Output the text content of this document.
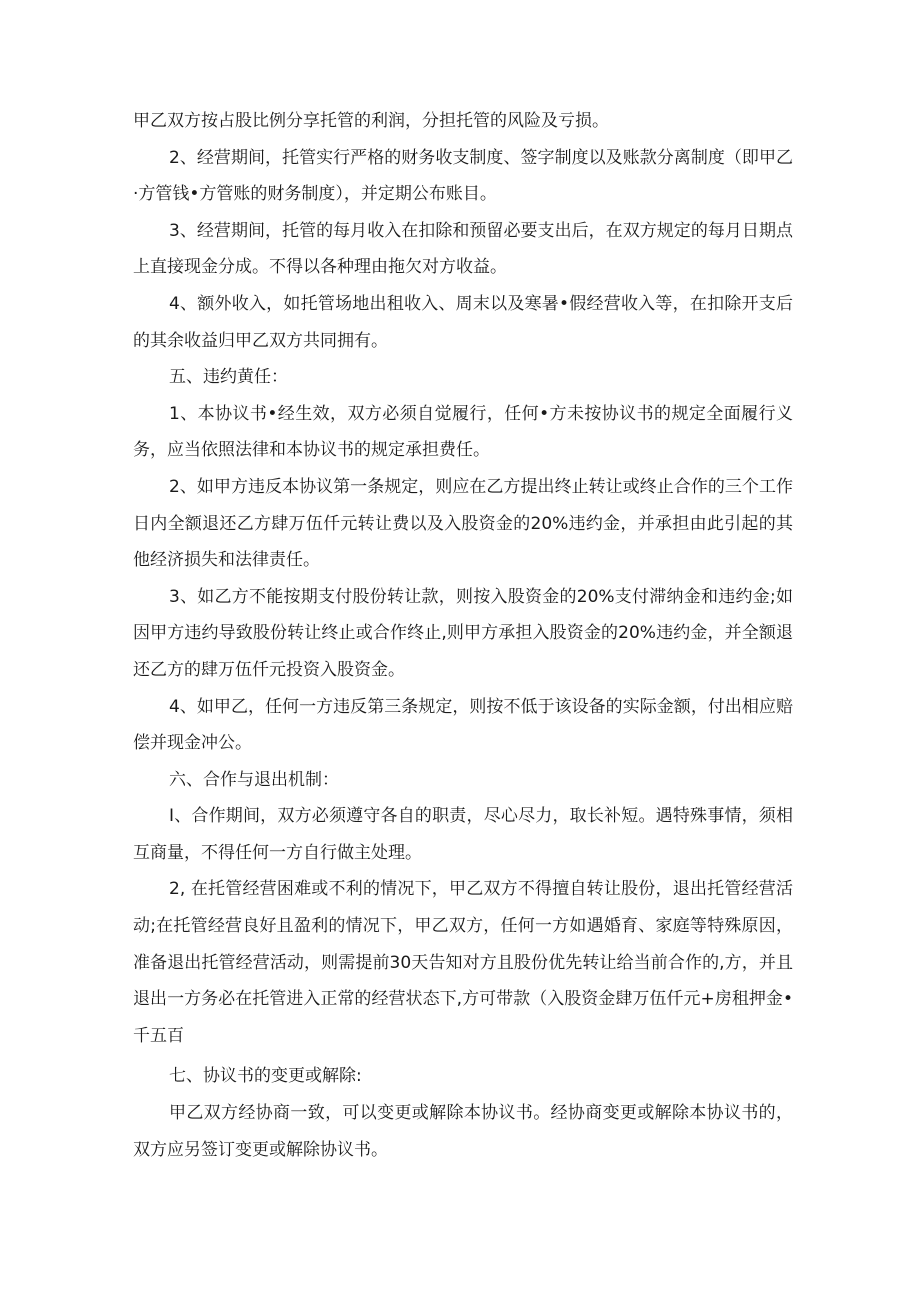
甲乙双方按占股比例分享托管的利润，分担托管的风险及亏损。

2、经营期间，托管实行严格的财务收支制度、签字制度以及账款分离制度（即甲乙·方管钱•方管账的财务制度），并定期公布账目。

3、经营期间，托管的每月收入在扣除和预留必要支出后，在双方规定的每月日期点上直接现金分成。不得以各种理由拖欠对方收益。

4、额外收入，如托管场地出租收入、周末以及寒暑•假经营收入等，在扣除开支后的其余收益归甲乙双方共同拥有。

五、违约黄任：

1、本协议书•经生效，双方必须自觉履行，任何•方未按协议书的规定全面履行义务，应当依照法律和本协议书的规定承担费任。

2、如甲方违反本协议第一条规定，则应在乙方提出终止转让或终止合作的三个工作日内全额退还乙方肆万伍仟元转让费以及入股资金的20%违约金，并承担由此引起的其他经济损失和法律责任。

3、如乙方不能按期支付股份转让款，则按入股资金的20%支付滞纳金和违约金;如因甲方违约导致股份转让终止或合作终止,则甲方承担入股资金的20%违约金，并全额退还乙方的肆万伍仟元投资入股资金。

4、如甲乙，任何一方违反第三条规定，则按不低于该设备的实际金额，付出相应赔偿并现金冲公。

六、合作与退出机制：

I、合作期间，双方必须遵守各自的职责，尽心尽力，取长补短。遇特殊事情，须相互商量，不得任何一方自行做主处理。

2, 在托管经营困难或不利的情况下，甲乙双方不得擅自转让股份，退出托管经营活动;在托管经营良好且盈利的情况下，甲乙双方，任何一方如遇婚育、家庭等特殊原因，准备退出托管经营活动，则需提前30天告知对方且股份优先转让给当前合作的,方，并且退出一方务必在托管进入正常的经营状态下,方可带款（入股资金肆万伍仟元+房租押金•千五百

七、协议书的变更或解除:

甲乙双方经协商一致，可以变更或解除本协议书。经协商变更或解除本协议书的，双方应另签订变更或解除协议书。
